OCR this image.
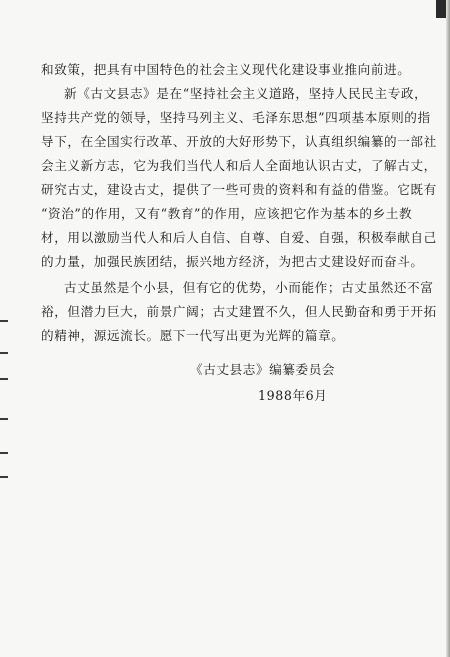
和致策，把具有中国特色的社会主义现代化建设事业推向前进。
新《古文县志》是在“坚持社会主义道路，坚持人民民主专政，
坚持共产党的领导，坚持马列主义、毛泽东思想”四项基本原则的指
导下，在全国实行改革、开放的大好形势下，认真组织编纂的一部社
会主义新方志，它为我们当代人和后人全面地认识古丈，了解古丈，
研究古丈，建设古丈，提供了一些可贵的资料和有益的借鉴。它既有
“资治”的作用，又有“教育”的作用，应该把它作为基本的乡土教
材，用以激励当代人和后人自信、自尊、自爱、自强，积极奉献自己
的力量，加强民族团结，振兴地方经济，为把古丈建设好而奋斗。
古丈虽然是个小县，但有它的优势，小而能作；古丈虽然还不富
裕，但潜力巨大，前景广阔；古丈建置不久，但人民勤奋和勇于开拓
的精神，源远流长。愿下一代写出更为光辉的篇章。
《古丈县志》编纂委员会
1988年6月
